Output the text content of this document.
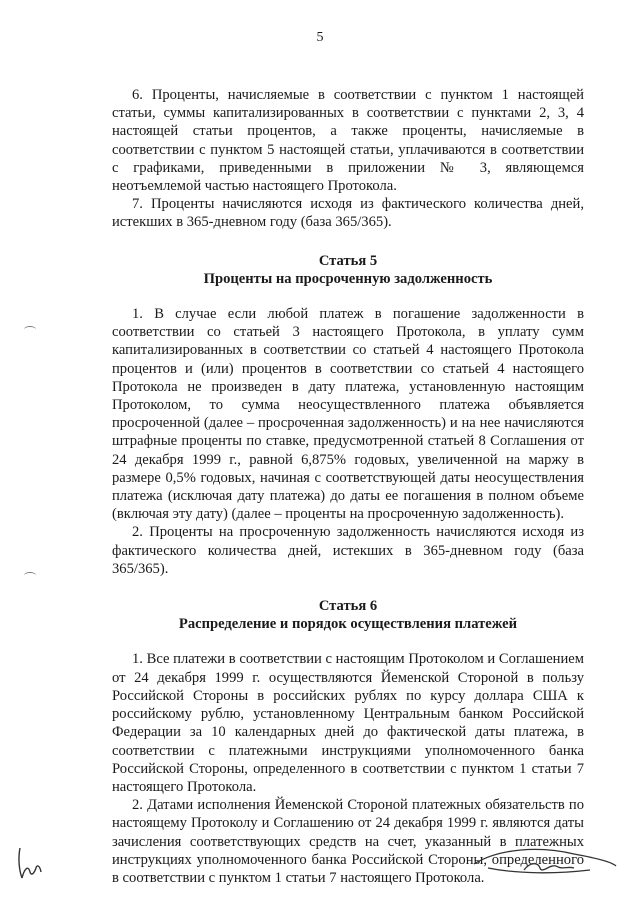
5

6. Проценты, начисляемые в соответствии с пунктом 1 настоящей статьи, суммы капитализированных в соответствии с пунктами 2, 3, 4 настоящей статьи процентов, а также проценты, начисляемые в соответствии с пунктом 5 настоящей статьи, уплачиваются в соответствии с графиками, приведенными в приложении № 3, являющемся неотъемлемой частью настоящего Протокола.

7. Проценты начисляются исходя из фактического количества дней, истекших в 365-дневном году (база 365/365).

Статья 5

Проценты на просроченную задолженность

1. В случае если любой платеж в погашение задолженности в соответствии со статьей 3 настоящего Протокола, в уплату сумм капитализированных в соответствии со статьей 4 настоящего Протокола процентов и (или) процентов в соответствии со статьей 4 настоящего Протокола не произведен в дату платежа, установленную настоящим Протоколом, то сумма неосуществленного платежа объявляется просроченной (далее – просроченная задолженность) и на нее начисляются штрафные проценты по ставке, предусмотренной статьей 8 Соглашения от 24 декабря 1999 г., равной 6,875% годовых, увеличенной на маржу в размере 0,5% годовых, начиная с соответствующей даты неосуществления платежа (исключая дату платежа) до даты ее погашения в полном объеме (включая эту дату) (далее – проценты на просроченную задолженность).

2. Проценты на просроченную задолженность начисляются исходя из фактического количества дней, истекших в 365-дневном году (база 365/365).

Статья 6

Распределение и порядок осуществления платежей

1. Все платежи в соответствии с настоящим Протоколом и Соглашением от 24 декабря 1999 г. осуществляются Йеменской Стороной в пользу Российской Стороны в российских рублях по курсу доллара США к российскому рублю, установленному Центральным банком Российской Федерации за 10 календарных дней до фактической даты платежа, в соответствии с платежными инструкциями уполномоченного банка Российской Стороны, определенного в соответствии с пунктом 1 статьи 7 настоящего Протокола.

2. Датами исполнения Йеменской Стороной платежных обязательств по настоящему Протоколу и Соглашению от 24 декабря 1999 г. являются даты зачисления соответствующих средств на счет, указанный в платежных инструкциях уполномоченного банка Российской Стороны, определенного в соответствии с пунктом 1 статьи 7 настоящего Протокола.
